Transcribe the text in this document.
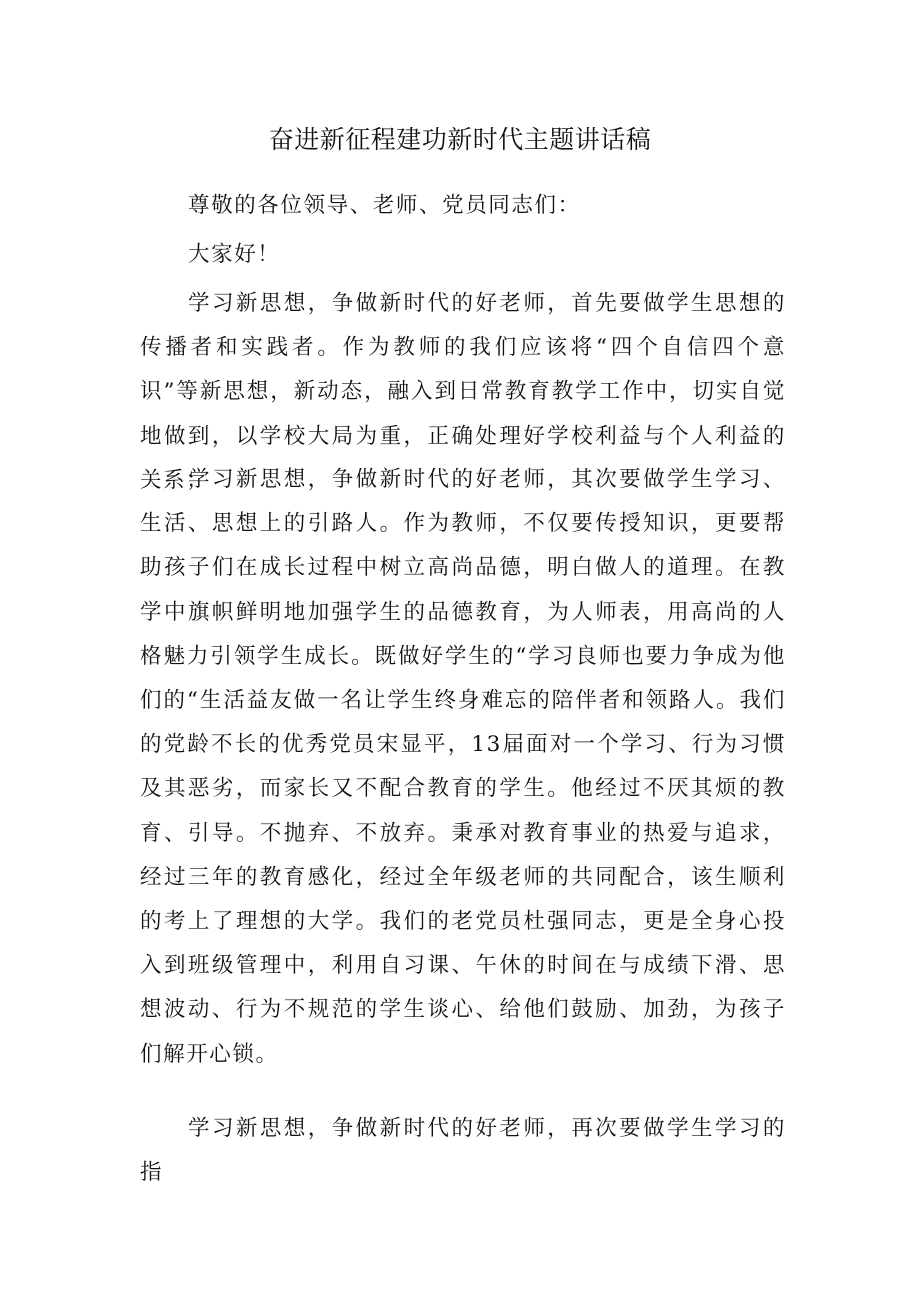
奋进新征程建功新时代主题讲话稿

尊敬的各位领导、老师、党员同志们：

大家好！

学习新思想，争做新时代的好老师，首先要做学生思想的传播者和实践者。作为教师的我们应该将“四个自信四个意识”等新思想，新动态，融入到日常教育教学工作中，切实自觉地做到，以学校大局为重，正确处理好学校利益与个人利益的关系；

学习新思想，争做新时代的好老师，其次要做学生学习、生活、思想上的引路人。作为教师，不仅要传授知识，更要帮助孩子们在成长过程中树立高尚品德，明白做人的道理。在教学中旗帜鲜明地加强学生的品德教育，为人师表，用高尚的人格魅力引领学生成长。既做好学生的“学习良师也要力争成为他们的“生活益友做一名让学生终身难忘的陪伴者和领路人。我们的党龄不长的优秀党员宋显平，13届面对一个学习、行为习惯及其恶劣，而家长又不配合教育的学生。他经过不厌其烦的教育、引导。不抛弃、不放弃。秉承对教育事业的热爱与追求，经过三年的教育感化，经过全年级老师的共同配合，该生顺利的考上了理想的大学。我们的老党员杜强同志，更是全身心投入到班级管理中，利用自习课、午休的时间在与成绩下滑、思想波动、行为不规范的学生谈心、给他们鼓励、加劲，为孩子们解开心锁。

学习新思想，争做新时代的好老师，再次要做学生学习的指
